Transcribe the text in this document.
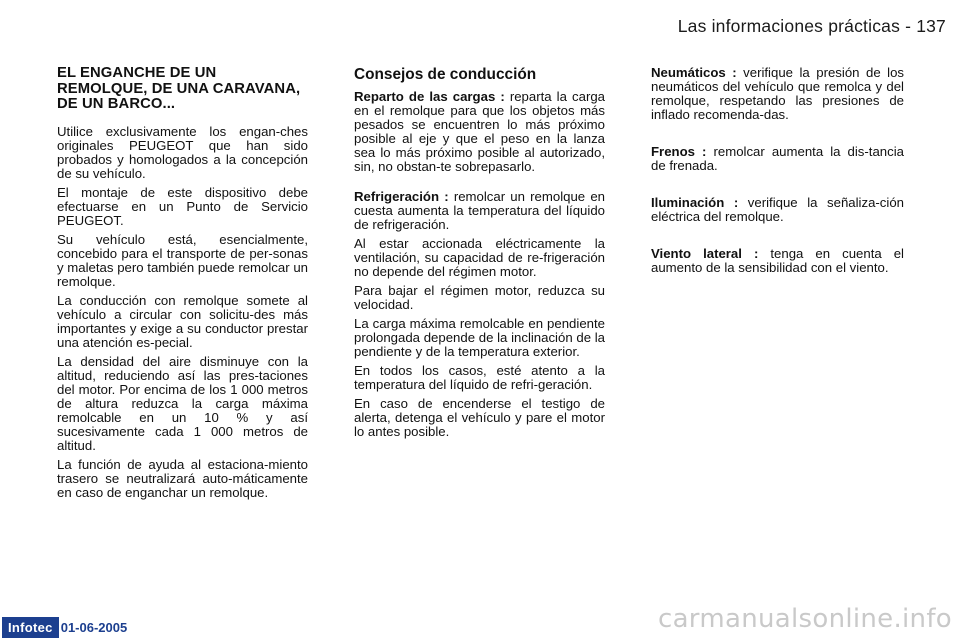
Las informaciones prácticas - 137
EL ENGANCHE DE UN REMOLQUE, DE UNA CARAVANA, DE UN BARCO...

Utilice exclusivamente los engan-ches originales PEUGEOT que han sido probados y homologados a la concepción de su vehículo.

El montaje de este dispositivo debe efectuarse en un Punto de Servicio PEUGEOT.

Su vehículo está, esencialmente, concebido para el transporte de per-sonas y maletas pero también puede remolcar un remolque.

La conducción con remolque somete al vehículo a circular con solicitu-des más importantes y exige a su conductor prestar una atención es-pecial.

La densidad del aire disminuye con la altitud, reduciendo así las pres-taciones del motor. Por encima de los 1 000 metros de altura reduzca la carga máxima remolcable en un 10 % y así sucesivamente cada 1 000 metros de altitud.

La función de ayuda al estaciona-miento trasero se neutralizará auto-máticamente en caso de enganchar un remolque.

Consejos de conducción

Reparto de las cargas : reparta la carga en el remolque para que los objetos más pesados se encuentren lo más próximo posible al eje y que el peso en la lanza sea lo más próximo posible al autorizado, sin, no obstan-te sobrepasarlo.

Refrigeración : remolcar un remolque en cuesta aumenta la temperatura del líquido de refrigeración.

Al estar accionada eléctricamente la ventilación, su capacidad de re-frigeración no depende del régimen motor.

Para bajar el régimen motor, reduzca su velocidad.

La carga máxima remolcable en pendiente prolongada depende de la inclinación de la pendiente y de la temperatura exterior.

En todos los casos, esté atento a la temperatura del líquido de refri-geración.

En caso de encenderse el testigo de alerta, detenga el vehículo y pare el motor lo antes posible.

Neumáticos : verifique la presión de los neumáticos del vehículo que remolca y del remolque, respetando las presiones de inflado recomenda-das.

Frenos : remolcar aumenta la dis-tancia de frenada.

Iluminación : verifique la señaliza-ción eléctrica del remolque.

Viento lateral : tenga en cuenta el aumento de la sensibilidad con el viento.

Infotec 01-06-2005	carmanualsonline.info
